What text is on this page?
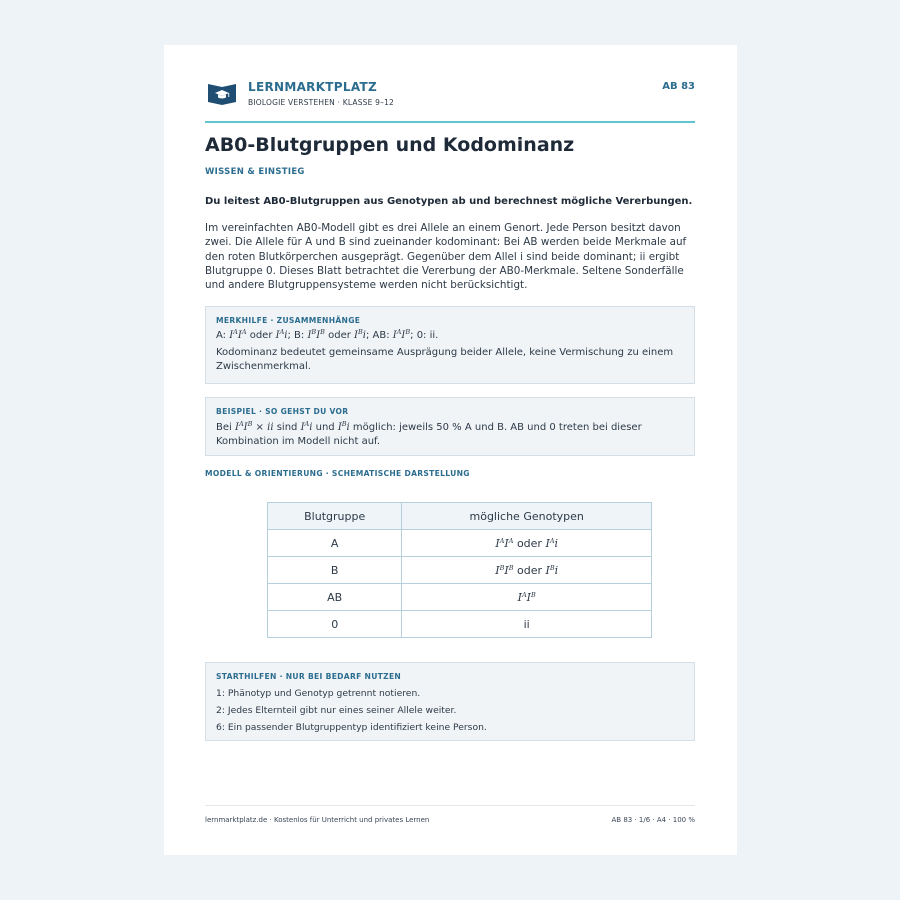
LERNMARKTPLATZ
BIOLOGIE VERSTEHEN · KLASSE 9–12
AB 83
AB0-Blutgruppen und Kodominanz
WISSEN & EINSTIEG
Du leitest AB0-Blutgruppen aus Genotypen ab und berechnest mögliche Vererbungen.

Im vereinfachten AB0-Modell gibt es drei Allele an einem Genort. Jede Person besitzt davon zwei. Die Allele für A und B sind zueinander kodominant: Bei AB werden beide Merkmale auf den roten Blutkörperchen ausgeprägt. Gegenüber dem Allel i sind beide dominant; ii ergibt Blutgruppe 0. Dieses Blatt betrachtet die Vererbung der AB0-Merkmale. Seltene Sonderfälle und andere Blutgruppensysteme werden nicht berücksichtigt.

MERKHILFE · ZUSAMMENHÄNGE
A: $I^AI^A$ oder $I^Ai$; B: $I^BI^B$ oder $I^Bi$; AB: $I^AI^B$; 0: ii.
Kodominanz bedeutet gemeinsame Ausprägung beider Allele, keine Vermischung zu einem Zwischenmerkmal.
BEISPIEL · SO GEHST DU VOR
Bei $I^AI^B$ × ii sind $I^Ai$ und $I^Bi$ möglich: jeweils 50 % A und B. AB und 0 treten bei dieser Kombination im Modell nicht auf.
MODELL & ORIENTIERUNG · SCHEMATISCHE DARSTELLUNG
Blutgruppe	mögliche Genotypen
A	$I^AI^A$ oder $I^Ai$
B	$I^BI^B$ oder $I^Bi$
AB	$I^AI^B$
0	ii
STARTHILFEN · NUR BEI BEDARF NUTZEN
1: Phänotyp und Genotyp getrennt notieren.
2: Jedes Elternteil gibt nur eines seiner Allele weiter.
6: Ein passender Blutgruppentyp identifiziert keine Person.
lernmarktplatz.de · Kostenlos für Unterricht und privates Lernen	AB 83 · 1/6 · A4 · 100 %
